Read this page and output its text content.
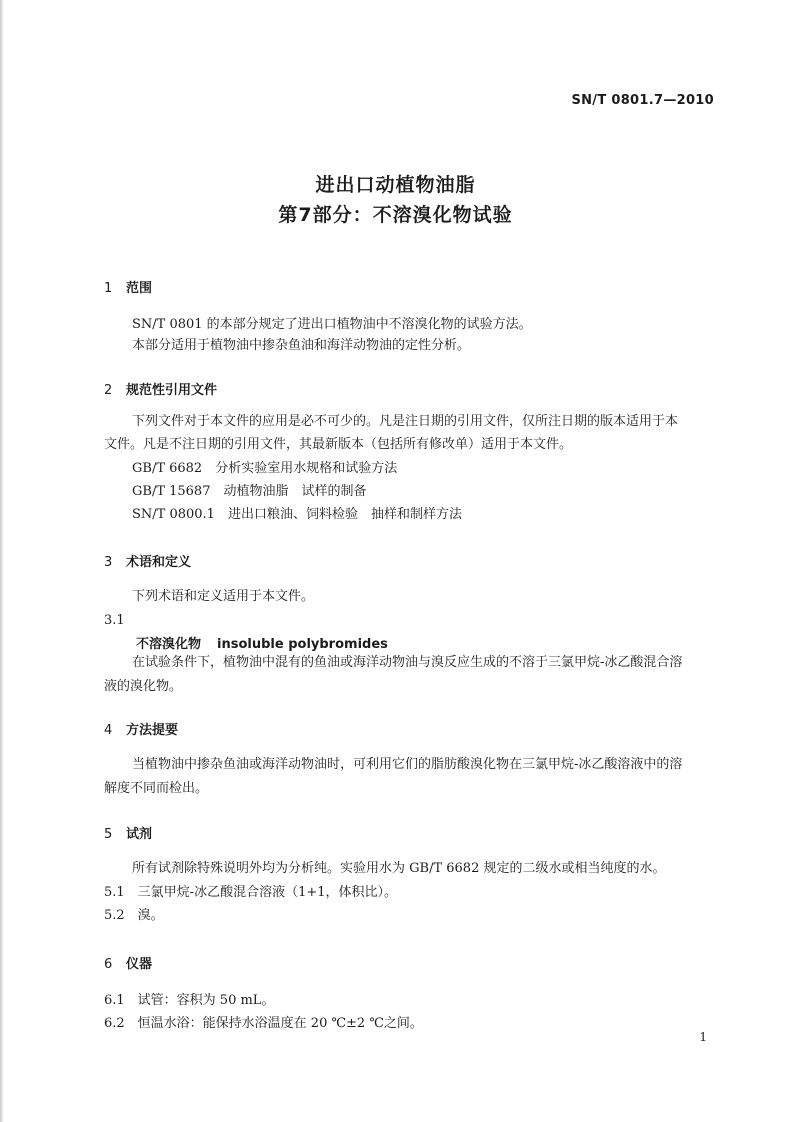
SN/T 0801.7—2010
进出口动植物油脂
第7部分：不溶溴化物试验
1 范围
SN/T 0801 的本部分规定了进出口植物油中不溶溴化物的试验方法。
本部分适用于植物油中掺杂鱼油和海洋动物油的定性分析。
2 规范性引用文件
下列文件对于本文件的应用是必不可少的。凡是注日期的引用文件，仅所注日期的版本适用于本
文件。凡是不注日期的引用文件，其最新版本（包括所有修改单）适用于本文件。
GB/T 6682　分析实验室用水规格和试验方法
GB/T 15687　动植物油脂　试样的制备
SN/T 0800.1　进出口粮油、饲料检验　抽样和制样方法
3 术语和定义
下列术语和定义适用于本文件。
3.1
不溶溴化物 insoluble polybromides
在试验条件下，植物油中混有的鱼油或海洋动物油与溴反应生成的不溶于三氯甲烷-冰乙酸混合溶
液的溴化物。
4 方法提要
当植物油中掺杂鱼油或海洋动物油时，可利用它们的脂肪酸溴化物在三氯甲烷-冰乙酸溶液中的溶
解度不同而检出。
5 试剂
所有试剂除特殊说明外均为分析纯。实验用水为 GB/T 6682 规定的二级水或相当纯度的水。
5.1　三氯甲烷-冰乙酸混合溶液（1+1，体积比）。
5.2　溴。
6 仪器
6.1　试管：容积为 50 mL。
6.2　恒温水浴：能保持水浴温度在 20 ℃±2 ℃之间。
1
